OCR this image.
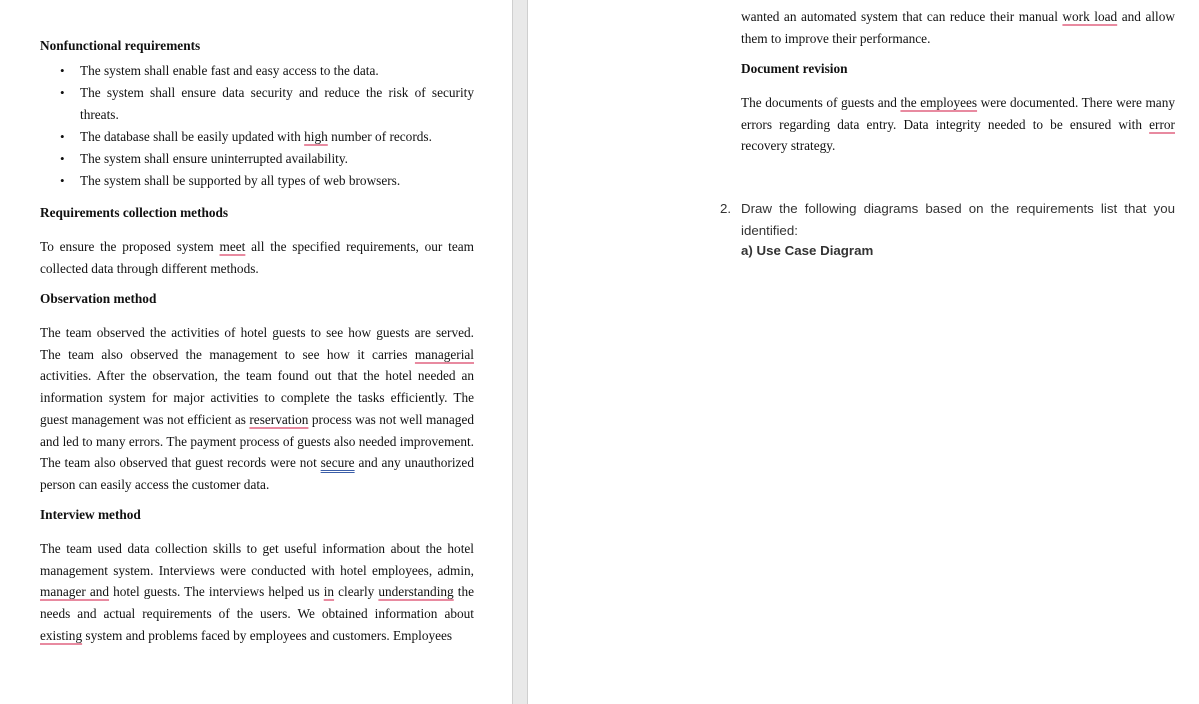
Nonfunctional requirements

• The system shall enable fast and easy access to the data.
• The system shall ensure data security and reduce the risk of security threats.
• The database shall be easily updated with high number of records.
• The system shall ensure uninterrupted availability.
• The system shall be supported by all types of web browsers.

Requirements collection methods

To ensure the proposed system meet all the specified requirements, our team collected data through different methods.

Observation method

The team observed the activities of hotel guests to see how guests are served. The team also observed the management to see how it carries managerial activities. After the observation, the team found out that the hotel needed an information system for major activities to complete the tasks efficiently. The guest management was not efficient as reservation process was not well managed and led to many errors. The payment process of guests also needed improvement. The team also observed that guest records were not secure and any unauthorized person can easily access the customer data.

Interview method

The team used data collection skills to get useful information about the hotel management system. Interviews were conducted with hotel employees, admin, manager and hotel guests. The interviews helped us in clearly understanding the needs and actual requirements of the users. We obtained information about existing system and problems faced by employees and customers. Employees

wanted an automated system that can reduce their manual work load and allow them to improve their performance.

Document revision

The documents of guests and the employees were documented. There were many errors regarding data entry. Data integrity needed to be ensured with error recovery strategy.
2. Draw the following diagrams based on the requirements list that you identified:

a) Use Case Diagram
